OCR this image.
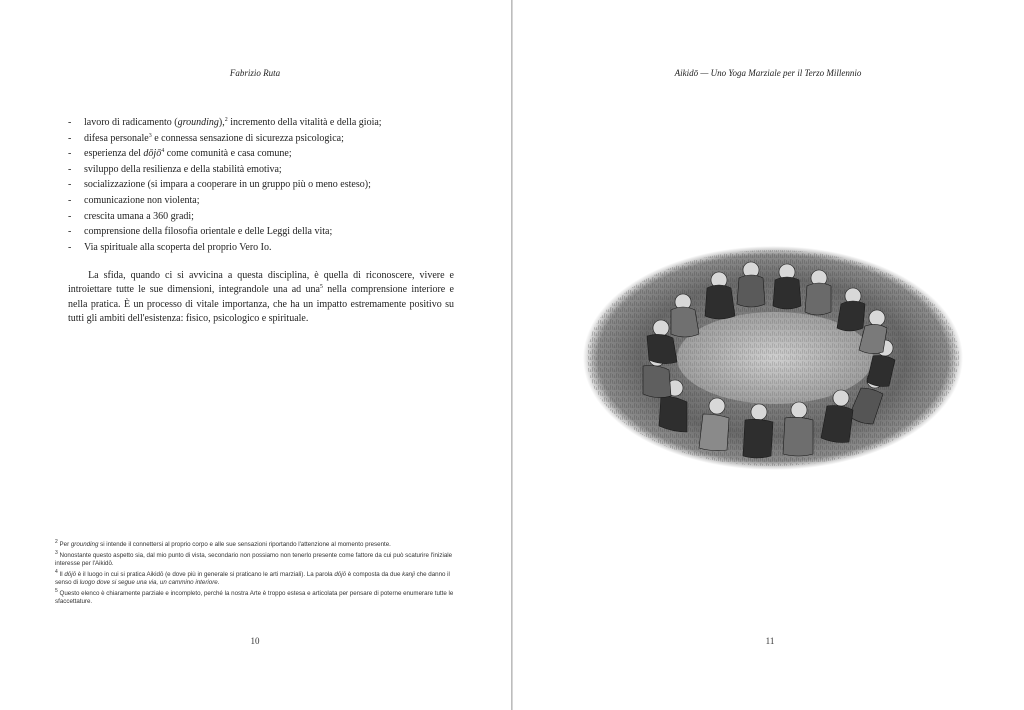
Fabrizio Ruta
- lavoro di radicamento (grounding),$^2$ incremento della vitalità e della gioia;
- difesa personale$^3$ e connessa sensazione di sicurezza psicologica;
- esperienza del dōjō$^4$ come comunità e casa comune;
- sviluppo della resilienza e della stabilità emotiva;
- socializzazione (si impara a cooperare in un gruppo più o meno esteso);
- comunicazione non violenta;
- crescita umana a 360 gradi;
- comprensione della filosofia orientale e delle Leggi della vita;
- Via spirituale alla scoperta del proprio Vero Io.

La sfida, quando ci si avvicina a questa disciplina, è quella di riconoscere, vivere e introiettare tutte le sue dimensioni, integrandole una ad una$^5$ nella comprensione interiore e nella pratica. È un processo di vitale importanza, che ha un impatto estremamente positivo su tutti gli ambiti dell'esistenza: fisico, psicologico e spirituale.

$^2$ Per grounding si intende il connettersi al proprio corpo e alle sue sensazioni riportando l'attenzione al momento presente.

$^3$ Nonostante questo aspetto sia, dal mio punto di vista, secondario non possiamo non tenerlo presente come fattore da cui può scaturire l'iniziale interesse per l'Aikidō.

$^4$ Il dōjō è il luogo in cui si pratica Aikidō (e dove più in generale si praticano le arti marziali). La parola dōjō è composta da due kanji che danno il senso di luogo dove si segue una via, un cammino interiore.

$^5$ Questo elenco è chiaramente parziale e incompleto, perché la nostra Arte è troppo estesa e articolata per pensare di poterne enumerare tutte le sfaccettature.

10
Aikidō — Uno Yoga Marziale per il Terzo Millennio
11
